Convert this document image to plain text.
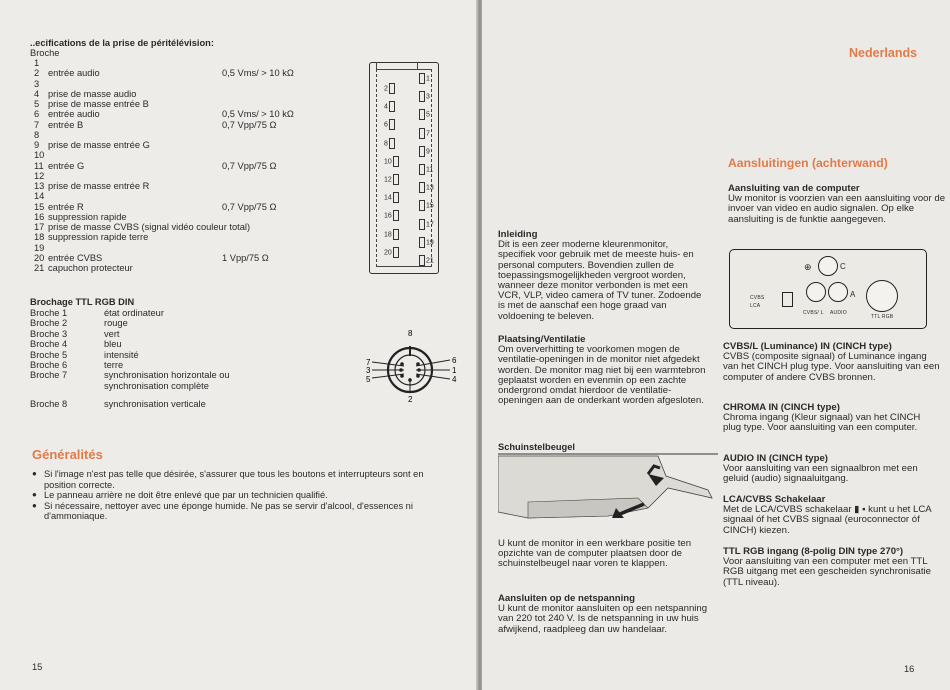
..ecifications de la prise de péritélévision:
Broche
1
2 entrée audio	0,5 Vms/ > 10 kΩ
3
4 prise de masse audio
5 prise de masse entrée B
6 entrée audio	0,5 Vms/ > 10 kΩ
7 entrée B	0,7 Vpp/75 Ω
8
9 prise de masse entrée G
10
11 entrée G	0,7 Vpp/75 Ω
12
13 prise de masse entrée R
14
15 entrée R	0,7 Vpp/75 Ω
16 suppression rapide
17 prise de masse CVBS (signal vidéo couleur total)
18 suppression rapide terre
19
20 entrée CVBS	1 Vpp/75 Ω
21 capuchon protecteur
1
3
5
7
9
11
13
15
17
19
21
2
4
6
8
10
12
14
16
18
20
Brochage TTL RGB DIN
Broche 1	état ordinateur
Broche 2	rouge
Broche 3	vert
Broche 4	bleu
Broche 5	intensité
Broche 6	terre
Broche 7	synchronisation horizontale ou
synchronisation complète
Broche 8	synchronisation verticale
8
7
3
5
6
1
4
2
Généralités
● Si l'image n'est pas telle que désirée, s'assurer que tous les boutons et interrupteurs sont en position correcte.
● Le panneau arrière ne doit être enlevé que par un technicien qualifié.
● Si nécessaire, nettoyer avec une éponge humide. Ne pas se servir d'alcool, d'essences ni d'ammoniaque.
15
Nederlands
Aansluitingen (achterwand)
Aansluiting van de computer
Uw monitor is voorzien van een aansluiting voor de invoer van video en audio signalen. Op elke aansluiting is de funktie aangegeven.
Inleiding
Dit is een zeer moderne kleurenmonitor, specifiek voor gebruik met de meeste huis- en personal computers. Bovendien zullen de toepassingsmogelijkheden vergroot worden, wanneer deze monitor verbonden is met een VCR, VLP, video camera of TV tuner. Zodoende is met de aanschaf een hoge graad van voldoening te beleven.
Plaatsing/Ventilatie
Om oververhitting te voorkomen mogen de ventilatie-openingen in de monitor niet afgedekt worden. De monitor mag niet bij een warmtebron geplaatst worden en evenmin op een zachte ondergrond omdat hierdoor de ventilatie-openingen aan de onderkant worden afgesloten.
Schuinstelbeugel
U kunt de monitor in een werkbare positie ten opzichte van de computer plaatsen door de schuinstelbeugel naar voren te klappen.
Aansluiten op de netspanning
U kunt de monitor aansluiten op een netspanning van 220 tot 240 V. Is de netspanning in uw huis afwijkend, raadpleeg dan uw handelaar.
16
⊕	C
A
CVBS
LCA
CVBS/ L AUDIO
TTL RGB
CVBS/L (Luminance) IN (CINCH type)
CVBS (composite signaal) of Luminance ingang van het CINCH plug type. Voor aansluiting van een computer of andere CVBS bronnen.
CHROMA IN (CINCH type)
Chroma ingang (Kleur signaal) van het CINCH plug type. Voor aansluiting van een computer.
AUDIO IN (CINCH type)
Voor aansluiting van een signaalbron met een geluid (audio) signaaluitgang.
LCA/CVBS Schakelaar
Met de LCA/CVBS schakelaar ▮ ▪ kunt u het LCA signaal óf het CVBS signaal (euroconnector óf CINCH) kiezen.
TTL RGB ingang (8-polig DIN type 270°)
Voor aansluiting van een computer met een TTL RGB uitgang met een gescheiden synchronisatie (TTL niveau).
